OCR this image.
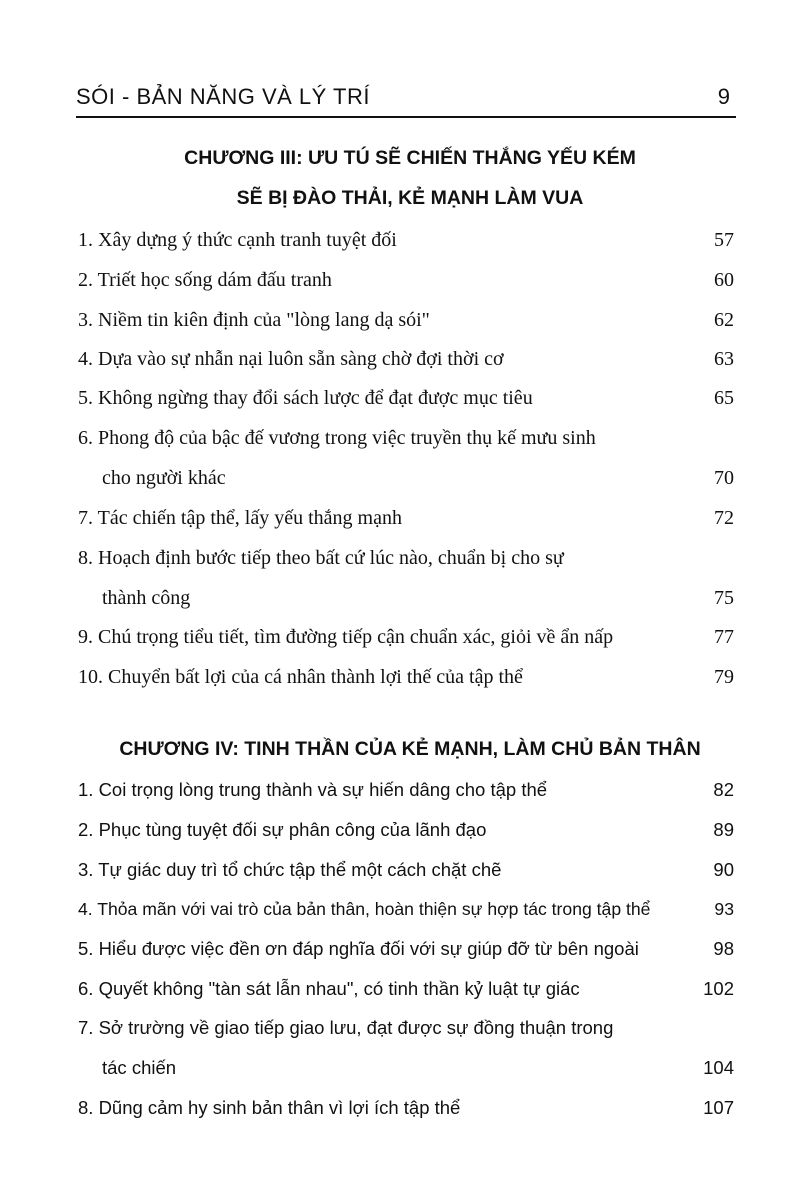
SÓI - BẢN NĂNG VÀ LÝ TRÍ	9
CHƯƠNG III: ƯU TÚ SẼ CHIẾN THẮNG YẾU KÉM
SẼ BỊ ĐÀO THẢI, KẺ MẠNH LÀM VUA
1. Xây dựng ý thức cạnh tranh tuyệt đối	57
2. Triết học sống dám đấu tranh	60
3. Niềm tin kiên định của "lòng lang dạ sói"	62
4. Dựa vào sự nhẫn nại luôn sẵn sàng chờ đợi thời cơ	63
5. Không ngừng thay đổi sách lược để đạt được mục tiêu	65
6. Phong độ của bậc đế vương trong việc truyền thụ kế mưu sinh
cho người khác	70
7. Tác chiến tập thể, lấy yếu thắng mạnh	72
8. Hoạch định bước tiếp theo bất cứ lúc nào, chuẩn bị cho sự
thành công	75
9. Chú trọng tiểu tiết, tìm đường tiếp cận chuẩn xác, giỏi về ẩn nấp	77
10. Chuyển bất lợi của cá nhân thành lợi thế của tập thể	79
CHƯƠNG IV: TINH THẦN CỦA KẺ MẠNH, LÀM CHỦ BẢN THÂN
1. Coi trọng lòng trung thành và sự hiến dâng cho tập thể	82
2. Phục tùng tuyệt đối sự phân công của lãnh đạo	89
3. Tự giác duy trì tổ chức tập thể một cách chặt chẽ	90
4. Thỏa mãn với vai trò của bản thân, hoàn thiện sự hợp tác trong tập thể	93
5. Hiểu được việc đền ơn đáp nghĩa đối với sự giúp đỡ từ bên ngoài	98
6. Quyết không "tàn sát lẫn nhau", có tinh thần kỷ luật tự giác	102
7. Sở trường về giao tiếp giao lưu, đạt được sự đồng thuận trong
tác chiến	104
8. Dũng cảm hy sinh bản thân vì lợi ích tập thể	107
